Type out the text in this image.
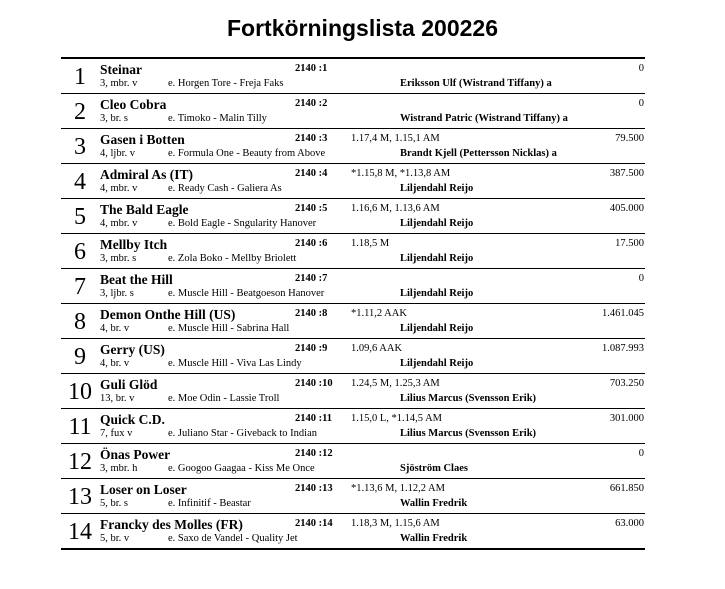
Fortkörningslista 200226
1	Steinar
3, mbr. v	e. Horgen Tore - Freja Faks
2140 :1
Eriksson Ulf (Wistrand Tiffany) a
0
2	Cleo Cobra
3, br. s	e. Timoko - Malin Tilly
2140 :2
Wistrand Patric (Wistrand Tiffany) a
0
3	Gasen i Botten
4, ljbr. v	e. Formula One - Beauty from Above
2140 :3 1.17,4 M, 1.15,1 AM
Brandt Kjell (Pettersson Nicklas) a
79.500
4	Admiral As (IT)
4, mbr. v	e. Ready Cash - Galiera As
2140 :4 *1.15,8 M, *1.13,8 AM
Liljendahl Reijo
387.500
5	The Bald Eagle
4, mbr. v	e. Bold Eagle - Sngularity Hanover
2140 :5 1.16,6 M, 1.13,6 AM
Liljendahl Reijo
405.000
6	Mellby Itch
3, mbr. s	e. Zola Boko - Mellby Briolett
2140 :6 1.18,5 M
Liljendahl Reijo
17.500
7	Beat the Hill
3, ljbr. s	e. Muscle Hill - Beatgoeson Hanover
2140 :7
Liljendahl Reijo
0
8	Demon Onthe Hill (US)
4, br. v	e. Muscle Hill - Sabrina Hall
2140 :8 *1.11,2 AAK
Liljendahl Reijo
1.461.045
9	Gerry (US)
4, br. v	e. Muscle Hill - Viva Las Lindy
2140 :9 1.09,6 AAK
Liljendahl Reijo
1.087.993
10 Guli Glöd
13, br. v	e. Moe Odin - Lassie Troll
2140 :10 1.24,5 M, 1.25,3 AM
Lilius Marcus (Svensson Erik)
703.250
11 Quick C.D.
7, fux v	e. Juliano Star - Giveback to Indian
2140 :11 1.15,0 L, *1.14,5 AM
Lilius Marcus (Svensson Erik)
301.000
12 Önas Power
3, mbr. h	e. Googoo Gaagaa - Kiss Me Once
2140 :12
Sjöström Claes
0
13 Loser on Loser
5, br. s	e. Infinitif - Beastar
2140 :13 *1.13,6 M, 1.12,2 AM
Wallin Fredrik
661.850
14 Francky des Molles (FR)
5, br. v	e. Saxo de Vandel - Quality Jet
2140 :14 1.18,3 M, 1.15,6 AM
Wallin Fredrik
63.000
